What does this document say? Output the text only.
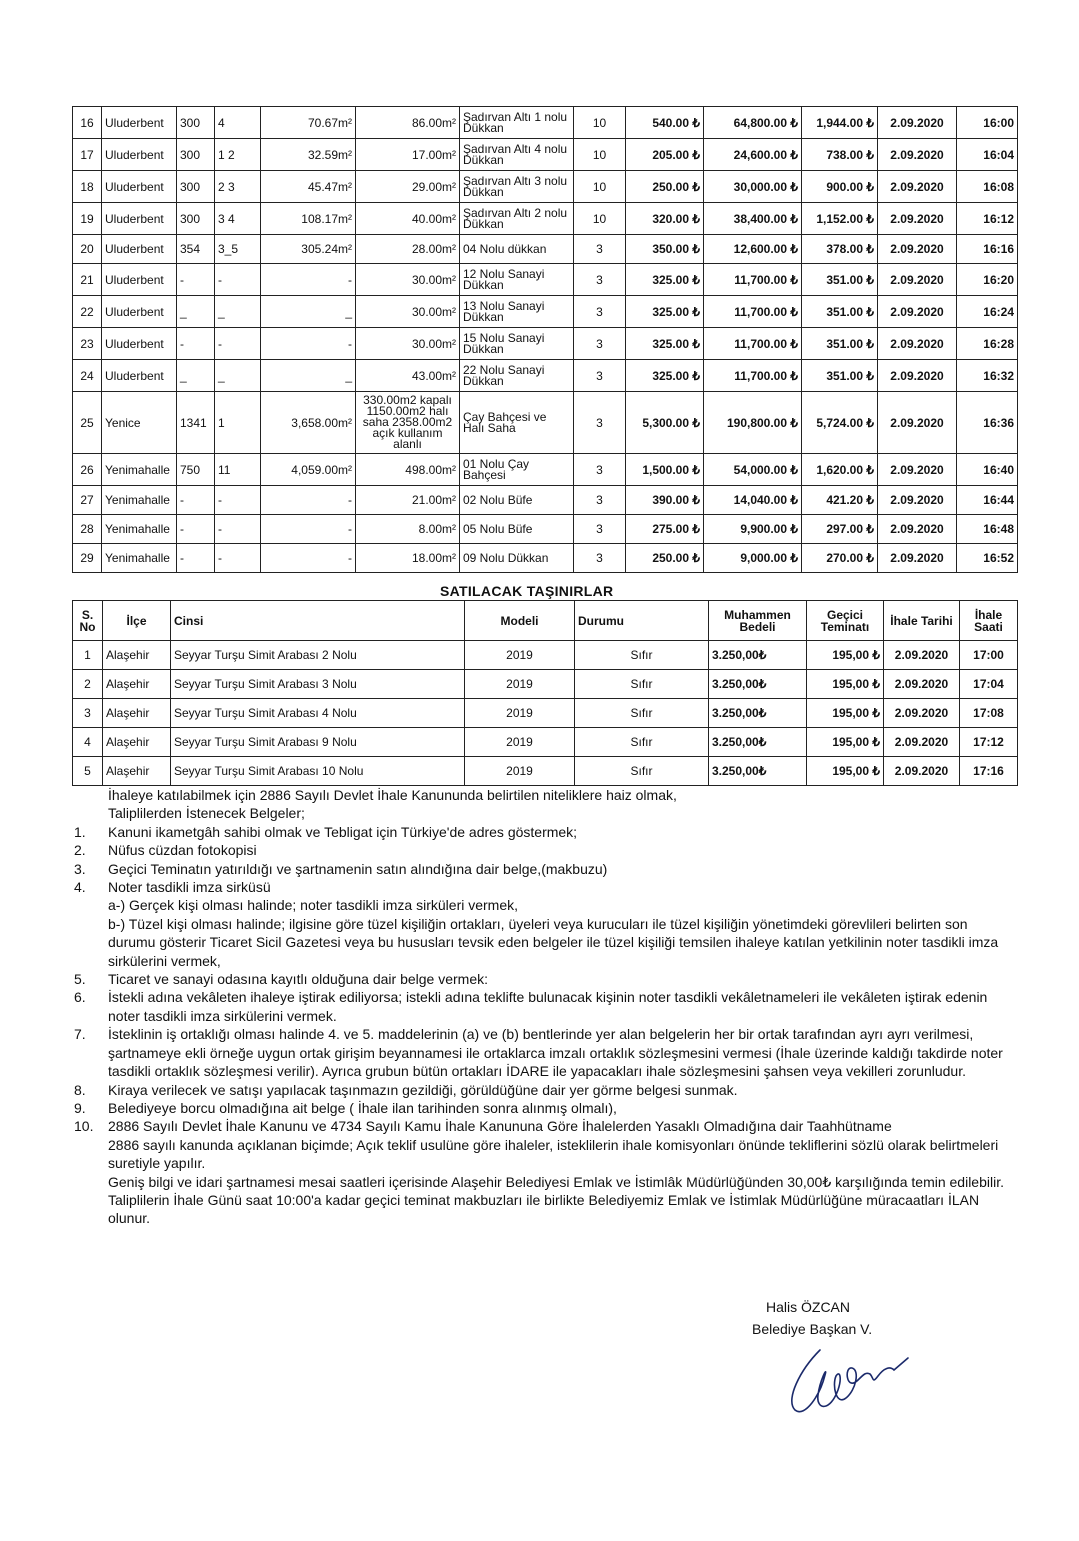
16	Uluderbent	300	4	70.67m²	86.00m²	Şadırvan Altı 1 nolu Dükkan	10	540.00 ₺	64,800.00 ₺	1,944.00 ₺	2.09.2020	16:00
17	Uluderbent	300	1 2	32.59m²	17.00m²	Şadırvan Altı 4 nolu Dükkan	10	205.00 ₺	24,600.00 ₺	738.00 ₺	2.09.2020	16:04
18	Uluderbent	300	2 3	45.47m²	29.00m²	Şadırvan Altı 3 nolu Dükkan	10	250.00 ₺	30,000.00 ₺	900.00 ₺	2.09.2020	16:08
19	Uluderbent	300	3 4	108.17m²	40.00m²	Şadırvan Altı 2 nolu Dükkan	10	320.00 ₺	38,400.00 ₺	1,152.00 ₺	2.09.2020	16:12
20	Uluderbent	354	3_5	305.24m²	28.00m²	04 Nolu dükkan	3	350.00 ₺	12,600.00 ₺	378.00 ₺	2.09.2020	16:16
21	Uluderbent	-	-	-	30.00m²	12 Nolu Sanayi Dükkan	3	325.00 ₺	11,700.00 ₺	351.00 ₺	2.09.2020	16:20
22	Uluderbent	_	_	_	30.00m²	13 Nolu Sanayi Dükkan	3	325.00 ₺	11,700.00 ₺	351.00 ₺	2.09.2020	16:24
23	Uluderbent	-	-	-	30.00m²	15 Nolu Sanayi Dükkan	3	325.00 ₺	11,700.00 ₺	351.00 ₺	2.09.2020	16:28
24	Uluderbent	_	_	_	43.00m²	22 Nolu Sanayi Dükkan	3	325.00 ₺	11,700.00 ₺	351.00 ₺	2.09.2020	16:32
25	Yenice	1341	1	3,658.00m²	330.00m2 kapalı 1150.00m2 halı saha 2358.00m2 açık kullanım alanlı	Çay Bahçesi ve Halı Saha	3	5,300.00 ₺	190,800.00 ₺	5,724.00 ₺	2.09.2020	16:36
26	Yenimahalle	750	11	4,059.00m²	498.00m²	01 Nolu Çay Bahçesi	3	1,500.00 ₺	54,000.00 ₺	1,620.00 ₺	2.09.2020	16:40
27	Yenimahalle	-	-	-	21.00m²	02 Nolu Büfe	3	390.00 ₺	14,040.00 ₺	421.20 ₺	2.09.2020	16:44
28	Yenimahalle	-	-	-	8.00m²	05 Nolu Büfe	3	275.00 ₺	9,900.00 ₺	297.00 ₺	2.09.2020	16:48
29	Yenimahalle	-	-	-	18.00m²	09 Nolu Dükkan	3	250.00 ₺	9,000.00 ₺	270.00 ₺	2.09.2020	16:52
SATILACAK TAŞINIRLAR
S. No	İlçe	Cinsi	Modeli	Durumu	Muhammen Bedeli	Geçici Teminatı	İhale Tarihi	İhale Saati
1	Alaşehir	Seyyar Turşu Simit Arabası 2 Nolu	2019	Sıfır	3.250,00₺	195,00 ₺	2.09.2020	17:00
2	Alaşehir	Seyyar Turşu Simit Arabası 3 Nolu	2019	Sıfır	3.250,00₺	195,00 ₺	2.09.2020	17:04
3	Alaşehir	Seyyar Turşu Simit Arabası 4 Nolu	2019	Sıfır	3.250,00₺	195,00 ₺	2.09.2020	17:08
4	Alaşehir	Seyyar Turşu Simit Arabası 9 Nolu	2019	Sıfır	3.250,00₺	195,00 ₺	2.09.2020	17:12
5	Alaşehir	Seyyar Turşu Simit Arabası 10 Nolu	2019	Sıfır	3.250,00₺	195,00 ₺	2.09.2020	17:16
İhaleye katılabilmek için 2886 Sayılı Devlet İhale Kanununda belirtilen niteliklere haiz olmak,
Taliplilerden İstenecek Belgeler;
1. Kanuni ikametgâh sahibi olmak ve Tebligat için Türkiye'de adres göstermek;
2. Nüfus cüzdan fotokopisi
3. Geçici Teminatın yatırıldığı ve şartnamenin satın alındığına dair belge,(makbuzu)
4. Noter tasdikli imza sirküsü
a-) Gerçek kişi olması halinde; noter tasdikli imza sirküleri vermek,
b-) Tüzel kişi olması halinde; ilgisine göre tüzel kişiliğin ortakları, üyeleri veya kurucuları ile tüzel kişiliğin yönetimdeki görevlileri belirten son durumu gösterir Ticaret Sicil Gazetesi veya bu hususları tevsik eden belgeler ile tüzel kişiliği temsilen ihaleye katılan yetkilinin noter tasdikli imza sirkülerini vermek,
5. Ticaret ve sanayi odasına kayıtlı olduğuna dair belge vermek:
6. İstekli adına vekâleten ihaleye iştirak ediliyorsa; istekli adına teklifte bulunacak kişinin noter tasdikli vekâletnameleri ile vekâleten iştirak edenin noter tasdikli imza sirkülerini vermek.
7. İsteklinin iş ortaklığı olması halinde 4. ve 5. maddelerinin (a) ve (b) bentlerinde yer alan belgelerin her bir ortak tarafından ayrı ayrı verilmesi, şartnameye ekli örneğe uygun ortak girişim beyannamesi ile ortaklarca imzalı ortaklık sözleşmesini vermesi (İhale üzerinde kaldığı takdirde noter tasdikli ortaklık sözleşmesi verilir). Ayrıca grubun bütün ortakları İDARE ile yapacakları ihale sözleşmesini şahsen veya vekilleri zorunludur.
8. Kiraya verilecek ve satışı yapılacak taşınmazın gezildiği, görüldüğüne dair yer görme belgesi sunmak.
9. Belediyeye borcu olmadığına ait belge ( İhale ilan tarihinden sonra alınmış olmalı),
10. 2886 Sayılı Devlet İhale Kanunu ve 4734 Sayılı Kamu İhale Kanununa Göre İhalelerden Yasaklı Olmadığına dair Taahhütname
2886 sayılı kanunda açıklanan biçimde; Açık teklif usulüne göre ihaleler, isteklilerin ihale komisyonları önünde tekliflerini sözlü olarak belirtmeleri suretiyle yapılır.
Geniş bilgi ve idari şartnamesi mesai saatleri içerisinde Alaşehir Belediyesi Emlak ve İstimlâk Müdürlüğünden 30,00₺ karşılığında temin edilebilir.
Taliplilerin İhale Günü saat 10:00'a kadar geçici teminat makbuzları ile birlikte Belediyemiz Emlak ve İstimlak Müdürlüğüne müracaatları İLAN olunur.
Halis ÖZCAN
Belediye Başkan V.
